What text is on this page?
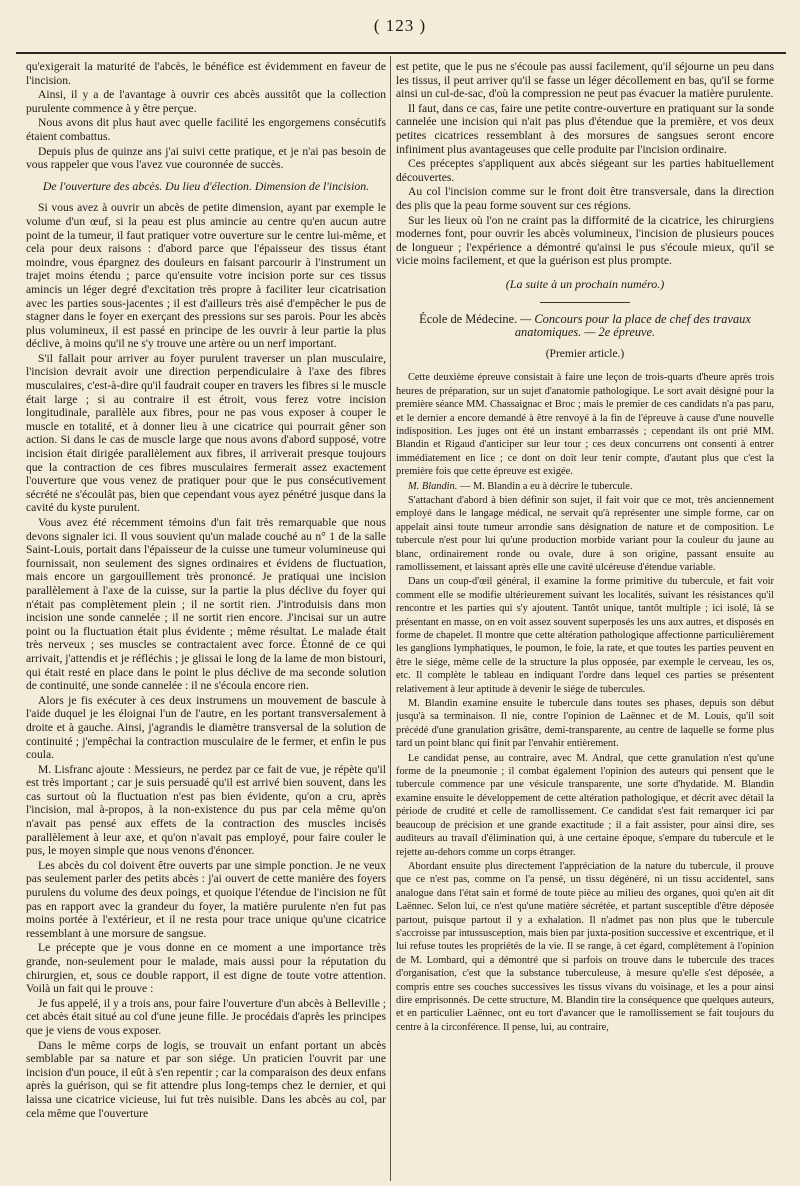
( 123 )

qu'exigerait la maturité de l'abcès, le bénéfice est évidemment en faveur de l'incision.

Ainsi, il y a de l'avantage à ouvrir ces abcès aussitôt que la collection purulente commence à y être perçue.

Nous avons dit plus haut avec quelle facilité les engorgemens consécutifs étaient combattus.

Depuis plus de quinze ans j'ai suivi cette pratique, et je n'ai pas besoin de vous rappeler que vous l'avez vue couronnée de succès.

De l'ouverture des abcès. Du lieu d'élection. Dimension de l'incision.

Si vous avez à ouvrir un abcès de petite dimension, ayant par exemple le volume d'un œuf, si la peau est plus amincie au centre qu'en aucun autre point de la tumeur, il faut pratiquer votre ouverture sur le centre lui-même, et cela pour deux raisons : d'abord parce que l'épaisseur des tissus étant moindre, vous épargnez des douleurs en faisant parcourir à l'instrument un trajet moins étendu ; parce qu'ensuite votre incision porte sur ces tissus amincis un léger degré d'excitation très propre à faciliter leur cicatrisation avec les parties sous-jacentes ; il est d'ailleurs très aisé d'empêcher le pus de stagner dans le foyer en exerçant des pressions sur ses parois. Pour les abcès plus volumineux, il est passé en principe de les ouvrir à leur partie la plus déclive, à moins qu'il ne s'y trouve une artère ou un nerf important.

S'il fallait pour arriver au foyer purulent traverser un plan musculaire, l'incision devrait avoir une direction perpendiculaire à l'axe des fibres musculaires, c'est-à-dire qu'il faudrait couper en travers les fibres si le muscle était large ; si au contraire il est étroit, vous ferez votre incision longitudinale, parallèle aux fibres, pour ne pas vous exposer à couper le muscle en totalité, et à donner lieu à une cicatrice qui pourrait gêner son action. Si dans le cas de muscle large que nous avons d'abord supposé, votre incision était dirigée parallèlement aux fibres, il arriverait presque toujours que la contraction de ces fibres musculaires fermerait assez exactement l'ouverture que vous venez de pratiquer pour que le pus consécutivement sécrété ne s'écoulât pas, bien que cependant vous ayez pénétré jusque dans la cavité du kyste purulent.

Vous avez été récemment témoins d'un fait très remarquable que nous devons signaler ici. Il vous souvient qu'un malade couché au n° 1 de la salle Saint-Louis, portait dans l'épaisseur de la cuisse une tumeur volumineuse qui fournissait, non seulement des signes ordinaires et évidens de fluctuation, mais encore un gargouillement très prononcé. Je pratiquai une incision parallèlement à l'axe de la cuisse, sur la partie la plus déclive du foyer qui n'était pas complètement plein ; il ne sortit rien. J'introduisis dans mon incision une sonde cannelée ; il ne sortit rien encore. J'incisai sur un autre point ou la fluctuation était plus évidente ; même résultat. Le malade était très nerveux ; ses muscles se contractaient avec force. Étonné de ce qui arrivait, j'attendis et je réfléchis ; je glissai le long de la lame de mon bistouri, qui était resté en place dans le point le plus déclive de ma seconde solution de continuité, une sonde cannelée : il ne s'écoula encore rien.

Alors je fis exécuter à ces deux instrumens un mouvement de bascule à l'aide duquel je les éloignai l'un de l'autre, en les portant transversalement à droite et à gauche. Ainsi, j'agrandis le diamètre transversal de la solution de continuité ; j'empêchai la contraction musculaire de le fermer, et enfin le pus coula.

M. Lisfranc ajoute : Messieurs, ne perdez par ce fait de vue, je répète qu'il est très important ; car je suis persuadé qu'il est arrivé bien souvent, dans les cas surtout où la fluctuation n'est pas bien évidente, qu'on a cru, après l'incision, mal à-propos, à la non-existence du pus par cela même qu'on n'avait pas pensé aux effets de la contraction des muscles incisés parallèlement à leur axe, et qu'on n'avait pas employé, pour faire couler le pus, le moyen simple que nous venons d'énoncer.

Les abcès du col doivent être ouverts par une simple ponction. Je ne veux pas seulement parler des petits abcès : j'ai ouvert de cette manière des foyers purulens du volume des deux poings, et quoique l'étendue de l'incision ne fût pas en rapport avec la grandeur du foyer, la matière purulente n'en fut pas moins portée à l'extérieur, et il ne resta pour trace unique qu'une cicatrice ressemblant à une morsure de sangsue.

Le précepte que je vous donne en ce moment a une importance très grande, non-seulement pour le malade, mais aussi pour la réputation du chirurgien, et, sous ce double rapport, il est digne de toute votre attention. Voilà un fait qui le prouve :

Je fus appelé, il y a trois ans, pour faire l'ouverture d'un abcès à Belleville ; cet abcès était situé au col d'une jeune fille. Je procédais d'après les principes que je viens de vous exposer.

Dans le même corps de logis, se trouvait un enfant portant un abcès semblable par sa nature et par son siége. Un praticien l'ouvrit par une incision d'un pouce, il eût à s'en repentir ; car la comparaison des deux enfans après la guérison, qui se fit attendre plus long-temps chez le dernier, et qui laissa une cicatrice vicieuse, lui fut très nuisible. Dans les abcès au col, par cela même que l'ouverture

est petite, que le pus ne s'écoule pas aussi facilement, qu'il séjourne un peu dans les tissus, il peut arriver qu'il se fasse un léger décollement en bas, qu'il se forme ainsi un cul-de-sac, d'où la compression ne peut pas évacuer la matière purulente.

Il faut, dans ce cas, faire une petite contre-ouverture en pratiquant sur la sonde cannelée une incision qui n'ait pas plus d'étendue que la première, et vos deux petites cicatrices ressemblant à des morsures de sangsues seront encore infiniment plus avantageuses que celle produite par l'incision ordinaire.

Ces préceptes s'appliquent aux abcès siégeant sur les parties habituellement découvertes.

Au col l'incision comme sur le front doit être transversale, dans la direction des plis que la peau forme souvent sur ces régions.

Sur les lieux où l'on ne craint pas la difformité de la cicatrice, les chirurgiens modernes font, pour ouvrir les abcès volumineux, l'incision de plusieurs pouces de longueur ; l'expérience a démontré qu'ainsi le pus s'écoule mieux, qu'il se vicie moins facilement, et que la guérison est plus prompte.

(La suite à un prochain numéro.)
École de Médecine. — Concours pour la place de chef des travaux anatomiques. — 2e épreuve.
(Premier article.)

Cette deuxième épreuve consistait à faire une leçon de trois-quarts d'heure après trois heures de préparation, sur un sujet d'anatomie pathologique. Le sort avait désigné pour la première séance MM. Chassaignac et Broc ; mais le premier de ces candidats n'a pas paru, et le dernier a encore demandé à être renvoyé à la fin de l'épreuve à cause d'une nouvelle indisposition. Les juges ont été un instant embarrassés ; cependant ils ont prié MM. Blandin et Rigaud d'anticiper sur leur tour ; ces deux concurrens ont consenti à entrer immédiatement en lice ; ce dont on doit leur tenir compte, d'autant plus que c'est la première fois que cette épreuve est exigée.

M. Blandin. — M. Blandin a eu à décrire le tubercule.

S'attachant d'abord à bien définir son sujet, il fait voir que ce mot, très anciennement employé dans le langage médical, ne servait qu'à représenter une simple forme, car on appelait ainsi toute tumeur arrondie sans désignation de nature et de composition. Le tubercule n'est pour lui qu'une production morbide variant pour la couleur du jaune au blanc, ordinairement ronde ou ovale, dure à son origine, passant ensuite au ramollissement, et laissant après elle une cavité ulcéreuse d'étendue variable.

Dans un coup-d'œil général, il examine la forme primitive du tubercule, et fait voir comment elle se modifie ultérieurement suivant les localités, suivant les résistances qu'il rencontre et les parties qui s'y ajoutent. Tantôt unique, tantôt multiple ; ici isolé, là se présentant en masse, on en voit assez souvent superposés les uns aux autres, et disposés en forme de chapelet. Il montre que cette altération pathologique affectionne particulièrement les ganglions lymphatiques, le poumon, le foie, la rate, et que toutes les parties peuvent en être le siége, même celle de la structure la plus opposée, par exemple le cerveau, les os, etc. Il complète le tableau en indiquant l'ordre dans lequel ces parties se présentent relativement à leur aptitude à devenir le siége de tubercules.

M. Blandin examine ensuite le tubercule dans toutes ses phases, depuis son début jusqu'à sa terminaison. Il nie, contre l'opinion de Laënnec et de M. Louis, qu'il soit précédé d'une granulation grisâtre, demi-transparente, au centre de laquelle se forme plus tard un point blanc qui finit par l'envahir entièrement.

Le candidat pense, au contraire, avec M. Andral, que cette granulation n'est qu'une forme de la pneumonie ; il combat également l'opinion des auteurs qui pensent que le tubercule commence par une vésicule transparente, une sorte d'hydatide. M. Blandin examine ensuite le développement de cette altération pathologique, et décrit avec détail la période de crudité et celle de ramollissement. Ce candidat s'est fait remarquer ici par beaucoup de précision et une grande exactitude ; il a fait assister, pour ainsi dire, ses auditeurs au travail d'élimination qui, à une certaine époque, s'empare du tubercule et le rejette au-dehors comme un corps étranger.

Abordant ensuite plus directement l'appréciation de la nature du tubercule, il prouve que ce n'est pas, comme on l'a pensé, un tissu dégénéré, ni un tissu accidentel, sans analogue dans l'état sain et formé de toute pièce au milieu des organes, quoi qu'en ait dit Laënnec. Selon lui, ce n'est qu'une matière sécrétée, et partant susceptible d'être déposée partout, puisque partout il y a exhalation. Il n'admet pas non plus que le tubercule s'accroisse par intussusception, mais bien par juxta-position successive et excentrique, et il lui refuse toutes les propriétés de la vie. Il se range, à cet égard, complètement à l'opinion de M. Lombard, qui a démontré que si parfois on trouve dans le tubercule des traces d'organisation, c'est que la substance tuberculeuse, à mesure qu'elle s'est déposée, a compris entre ses couches successives les tissus vivans du voisinage, et les a pour ainsi dire emprisonnés. De cette structure, M. Blandin tire la conséquence que quelques auteurs, et en particulier Laënnec, ont eu tort d'avancer que le ramollissement se fait toujours du centre à la circonférence. Il pense, lui, au contraire,
